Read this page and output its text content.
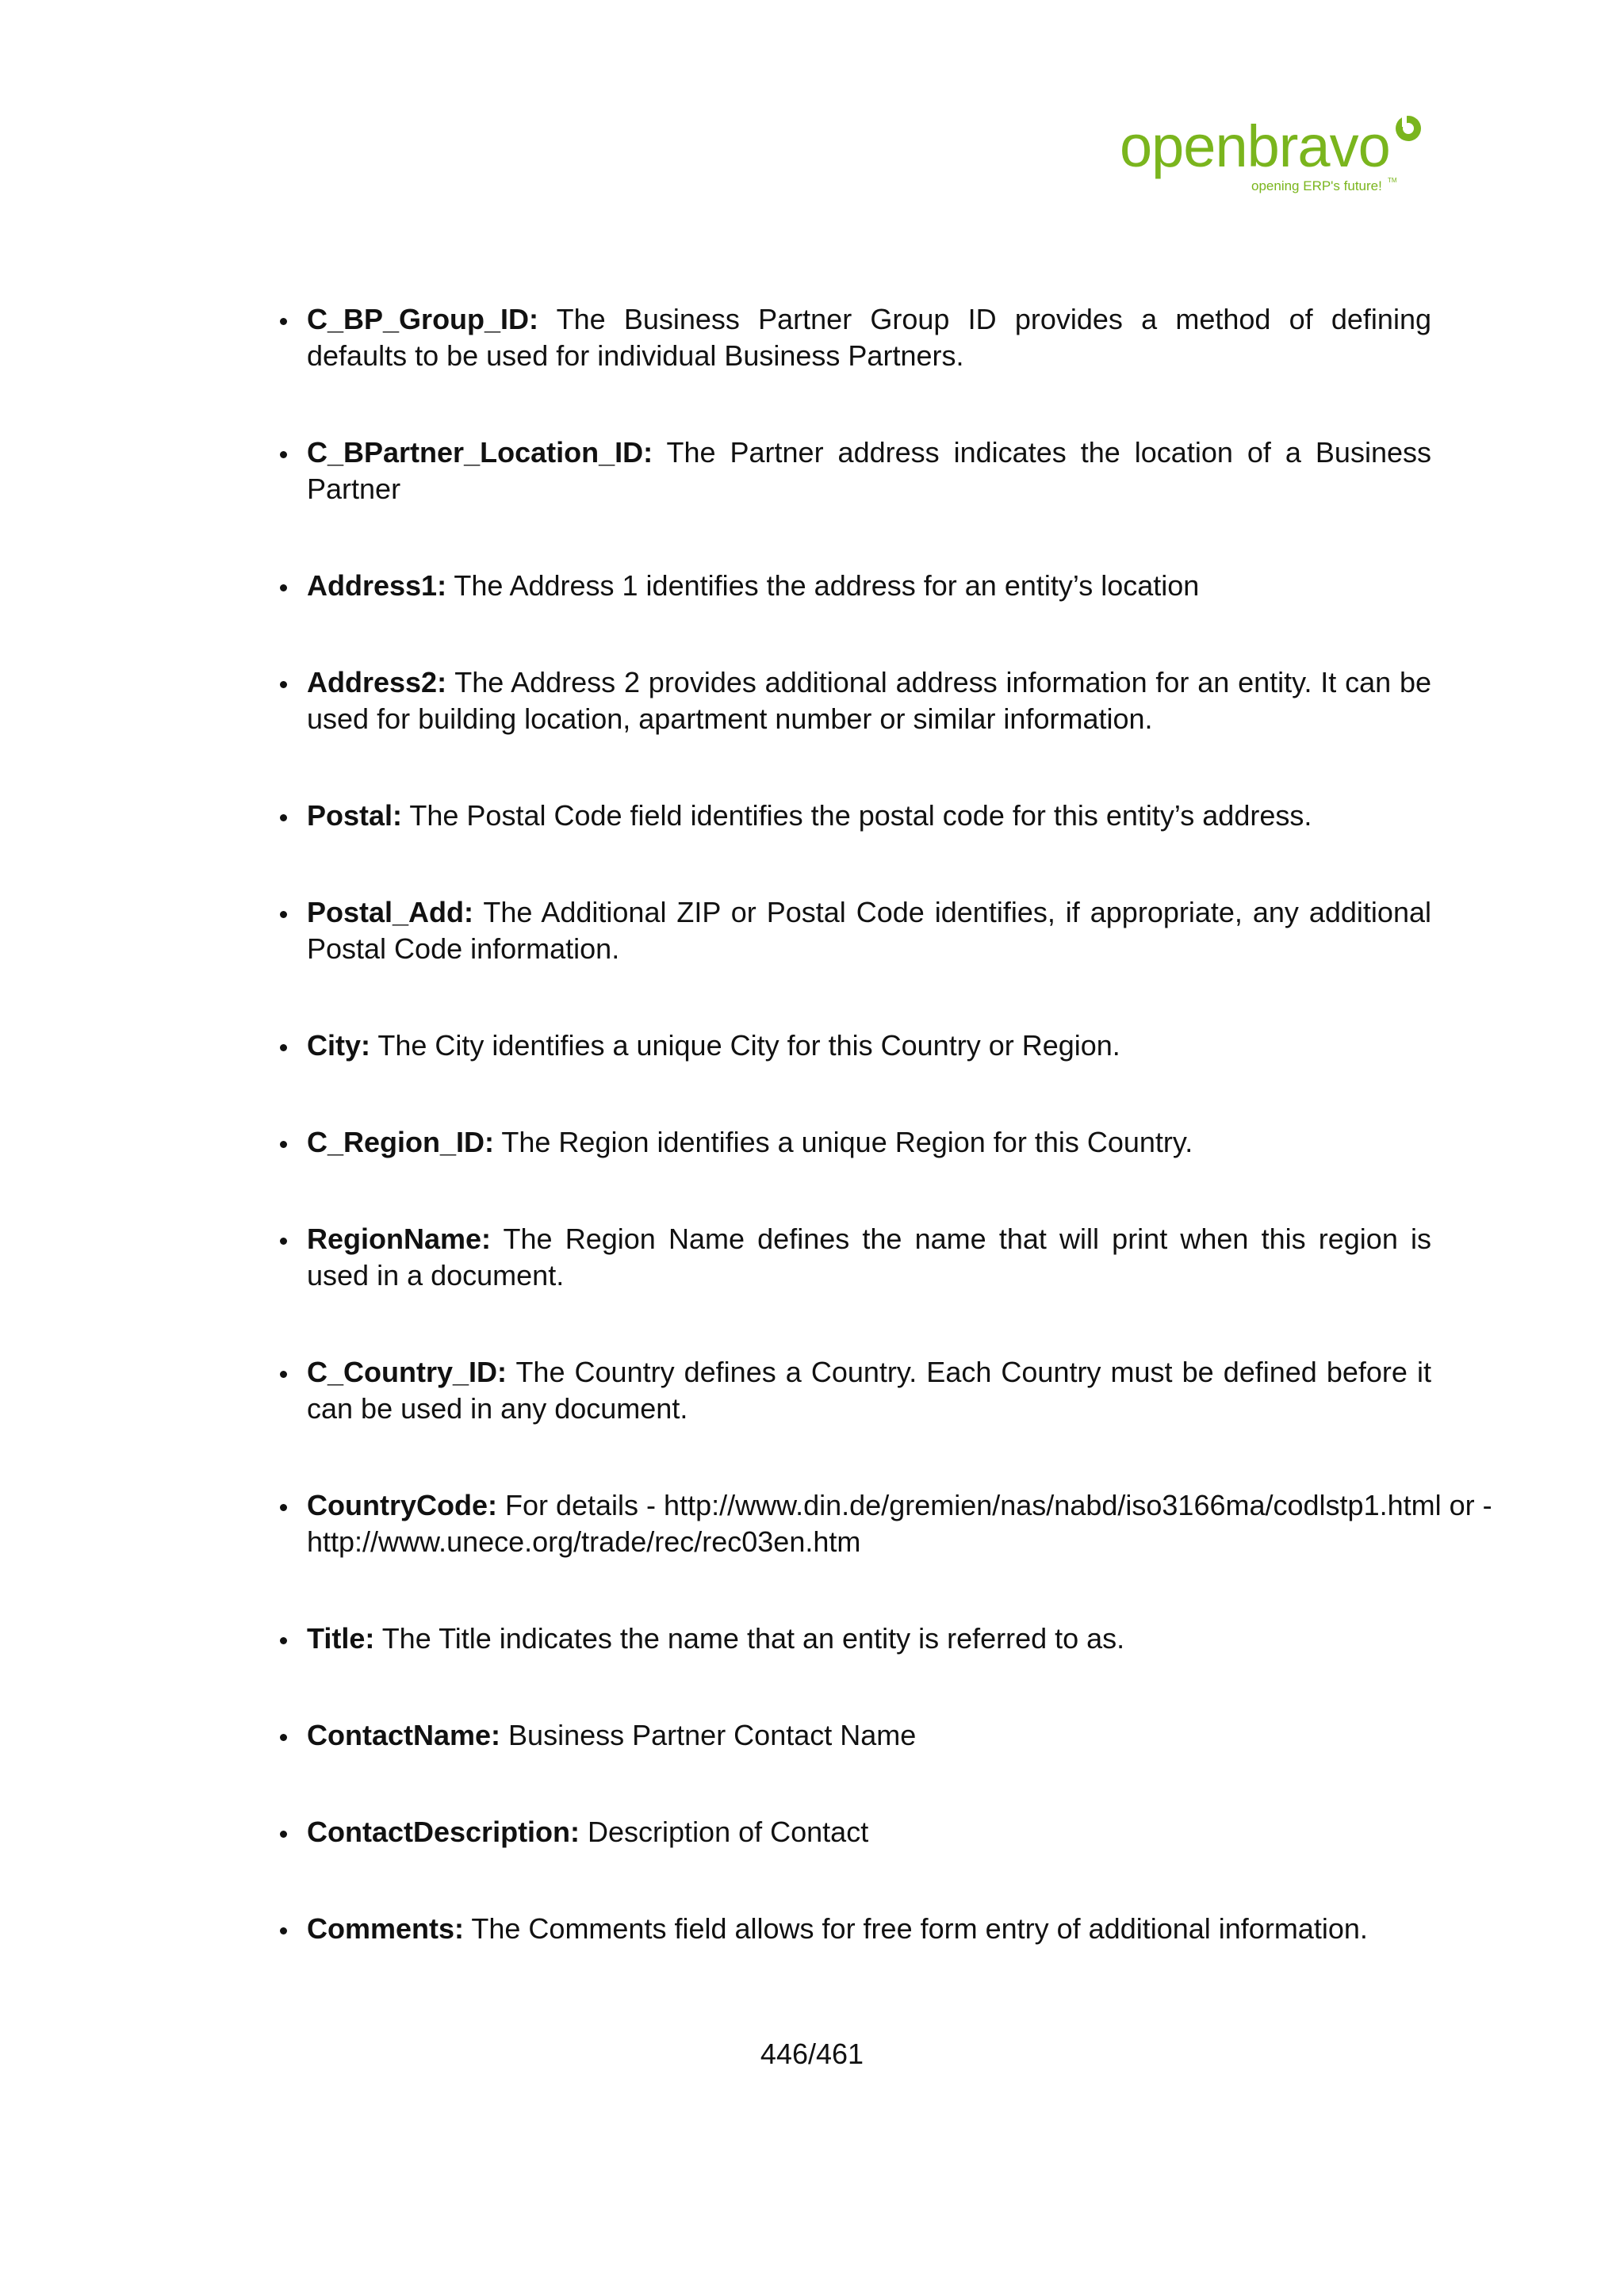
openbravo
opening ERP's future! TM
C_BP_Group_ID: The Business Partner Group ID provides a method of defining defaults to be used for individual Business Partners.
C_BPartner_Location_ID: The Partner address indicates the location of a Business Partner
Address1: The Address 1 identifies the address for an entity’s location
Address2: The Address 2 provides additional address information for an entity. It can be used for building location, apartment number or similar information.
Postal: The Postal Code field identifies the postal code for this entity’s address.
Postal_Add: The Additional ZIP or Postal Code identifies, if appropriate, any additional Postal Code information.
City: The City identifies a unique City for this Country or Region.
C_Region_ID: The Region identifies a unique Region for this Country.
RegionName: The Region Name defines the name that will print when this region is used in a document.
C_Country_ID: The Country defines a Country. Each Country must be defined before it can be used in any document.
CountryCode: For details - http://www.din.de/gremien/nas/nabd/iso3166ma/codlstp1.html or - http://www.unece.org/trade/rec/rec03en.htm
Title: The Title indicates the name that an entity is referred to as.
ContactName: Business Partner Contact Name
ContactDescription: Description of Contact
Comments: The Comments field allows for free form entry of additional information.
446/461
